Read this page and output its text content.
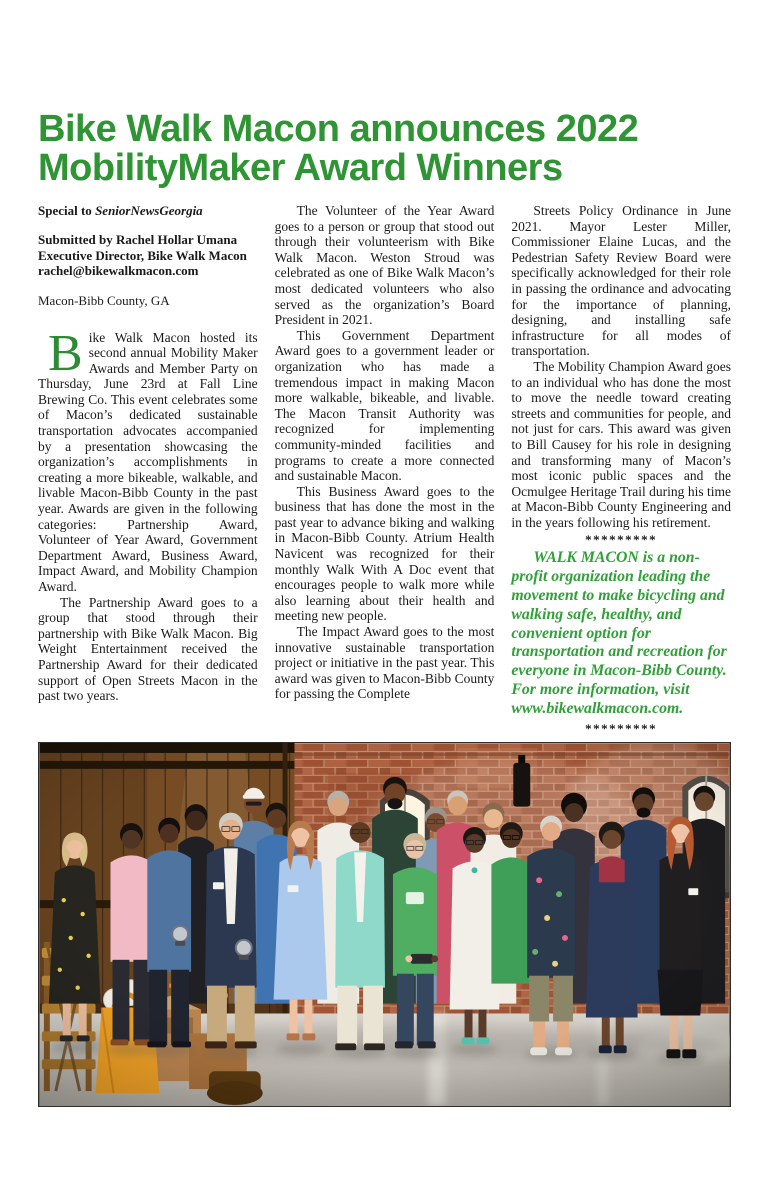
Bike Walk Macon announces 2022 MobilityMaker Award Winners

Special to SeniorNewsGeorgia

Submitted by Rachel Hollar Umana
Executive Director, Bike Walk Macon
rachel@bikewalkmacon.com

Macon-Bibb County, GA

Bike Walk Macon hosted its second annual Mobility Maker Awards and Member Party on Thursday, June 23rd at Fall Line Brewing Co. This event celebrates some of Macon’s dedicated sustainable transportation advocates accompanied by a presentation showcasing the organization’s accomplishments in creating a more bikeable, walkable, and livable Macon-Bibb County in the past year. Awards are given in the following categories: Partnership Award, Volunteer of Year Award, Government Department Award, Business Award, Impact Award, and Mobility Champion Award.

The Partnership Award goes to a group that stood through their partnership with Bike Walk Macon. Big Weight Entertainment received the Partnership Award for their dedicated support of Open Streets Macon in the past two years.

The Volunteer of the Year Award goes to a person or group that stood out through their volunteerism with Bike Walk Macon. Weston Stroud was celebrated as one of Bike Walk Macon’s most dedicated volunteers who also served as the organization’s Board President in 2021.

This Government Department Award goes to a government leader or organization who has made a tremendous impact in making Macon more walkable, bikeable, and livable. The Macon Transit Authority was recognized for implementing community-minded facilities and programs to create a more connected and sustainable Macon.

This Business Award goes to the business that has done the most in the past year to advance biking and walking in Macon-Bibb County. Atrium Health Navicent was recognized for their monthly Walk With A Doc event that encourages people to walk more while also learning about their health and meeting new people.

The Impact Award goes to the most innovative sustainable transportation project or initiative in the past year. This award was given to Macon-Bibb County for passing the Complete

Streets Policy Ordinance in June 2021. Mayor Lester Miller, Commissioner Elaine Lucas, and the Pedestrian Safety Review Board were specifically acknowledged for their role in passing the ordinance and advocating for the importance of planning, designing, and installing safe infrastructure for all modes of transportation.

The Mobility Champion Award goes to an individual who has done the most to move the needle toward creating streets and communities for people, and not just for cars. This award was given to Bill Causey for his role in designing and transforming many of Macon’s most iconic public spaces and the Ocmulgee Heritage Trail during his time at Macon-Bibb County Engineering and in the years following his retirement.

*********

WALK MACON is a non-profit organization leading the movement to make bicycling and walking safe, healthy, and convenient option for transportation and recreation for everyone in Macon-Bibb County. For more information, visit www.bikewalkmacon.com.

*********
